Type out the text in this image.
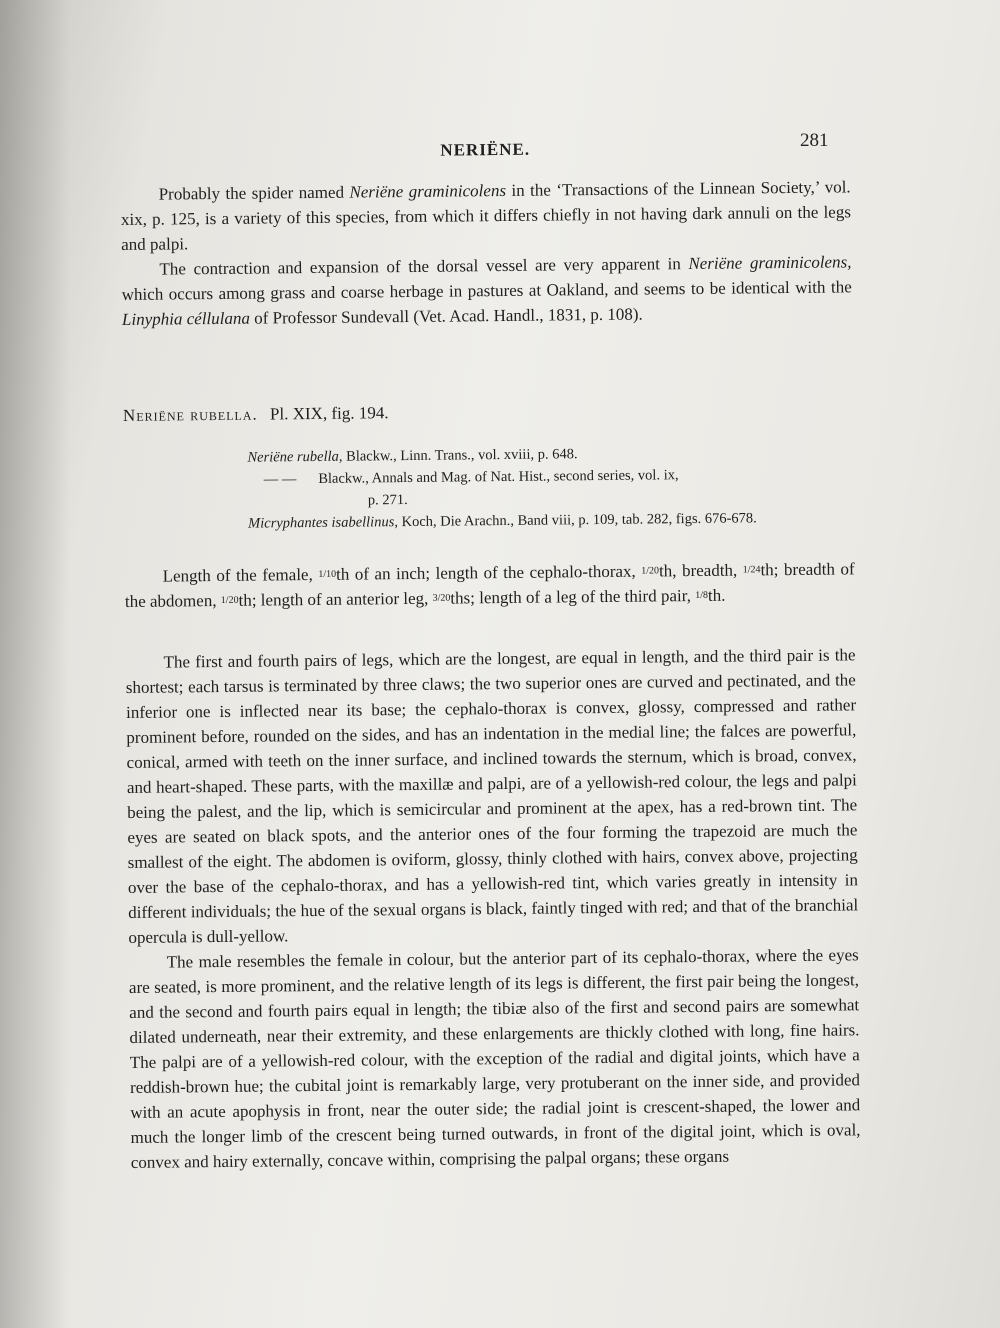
281
NERIËNE.

Probably the spider named Neriëne graminicolens in the ‘Transactions of the Linnean Society,’ vol. xix, p. 125, is a variety of this species, from which it differs chiefly in not having dark annuli on the legs and palpi.

The contraction and expansion of the dorsal vessel are very apparent in Neriëne graminicolens, which occurs among grass and coarse herbage in pastures at Oakland, and seems to be identical with the Linyphia céllulana of Professor Sundevall (Vet. Acad. Handl., 1831, p. 108).

Neriëne rubella. Pl. XIX, fig. 194.
Neriëne rubella, Blackw., Linn. Trans., vol. xviii, p. 648.
— — Blackw., Annals and Mag. of Nat. Hist., second series, vol. ix,
p. 271.
Micryphantes isabellinus, Koch, Die Arachn., Band viii, p. 109, tab. 282, figs. 676-678.

Length of the female, 1/10th of an inch; length of the cephalo-thorax, 1/20th, breadth, 1/24th; breadth of the abdomen, 1/20th; length of an anterior leg, 3/20ths; length of a leg of the third pair, 1/8th.

The first and fourth pairs of legs, which are the longest, are equal in length, and the third pair is the shortest; each tarsus is terminated by three claws; the two superior ones are curved and pectinated, and the inferior one is inflected near its base; the cephalo-thorax is convex, glossy, compressed and rather prominent before, rounded on the sides, and has an indentation in the medial line; the falces are powerful, conical, armed with teeth on the inner surface, and inclined towards the sternum, which is broad, convex, and heart-shaped. These parts, with the maxillæ and palpi, are of a yellowish-red colour, the legs and palpi being the palest, and the lip, which is semicircular and prominent at the apex, has a red-brown tint. The eyes are seated on black spots, and the anterior ones of the four forming the trapezoid are much the smallest of the eight. The abdomen is oviform, glossy, thinly clothed with hairs, convex above, projecting over the base of the cephalo-thorax, and has a yellowish-red tint, which varies greatly in intensity in different individuals; the hue of the sexual organs is black, faintly tinged with red; and that of the branchial opercula is dull-yellow.

The male resembles the female in colour, but the anterior part of its cephalo-thorax, where the eyes are seated, is more prominent, and the relative length of its legs is different, the first pair being the longest, and the second and fourth pairs equal in length; the tibiæ also of the first and second pairs are somewhat dilated underneath, near their extremity, and these enlargements are thickly clothed with long, fine hairs. The palpi are of a yellowish-red colour, with the exception of the radial and digital joints, which have a reddish-brown hue; the cubital joint is remarkably large, very protuberant on the inner side, and provided with an acute apophysis in front, near the outer side; the radial joint is crescent-shaped, the lower and much the longer limb of the crescent being turned outwards, in front of the digital joint, which is oval, convex and hairy externally, concave within, comprising the palpal organs; these organs
